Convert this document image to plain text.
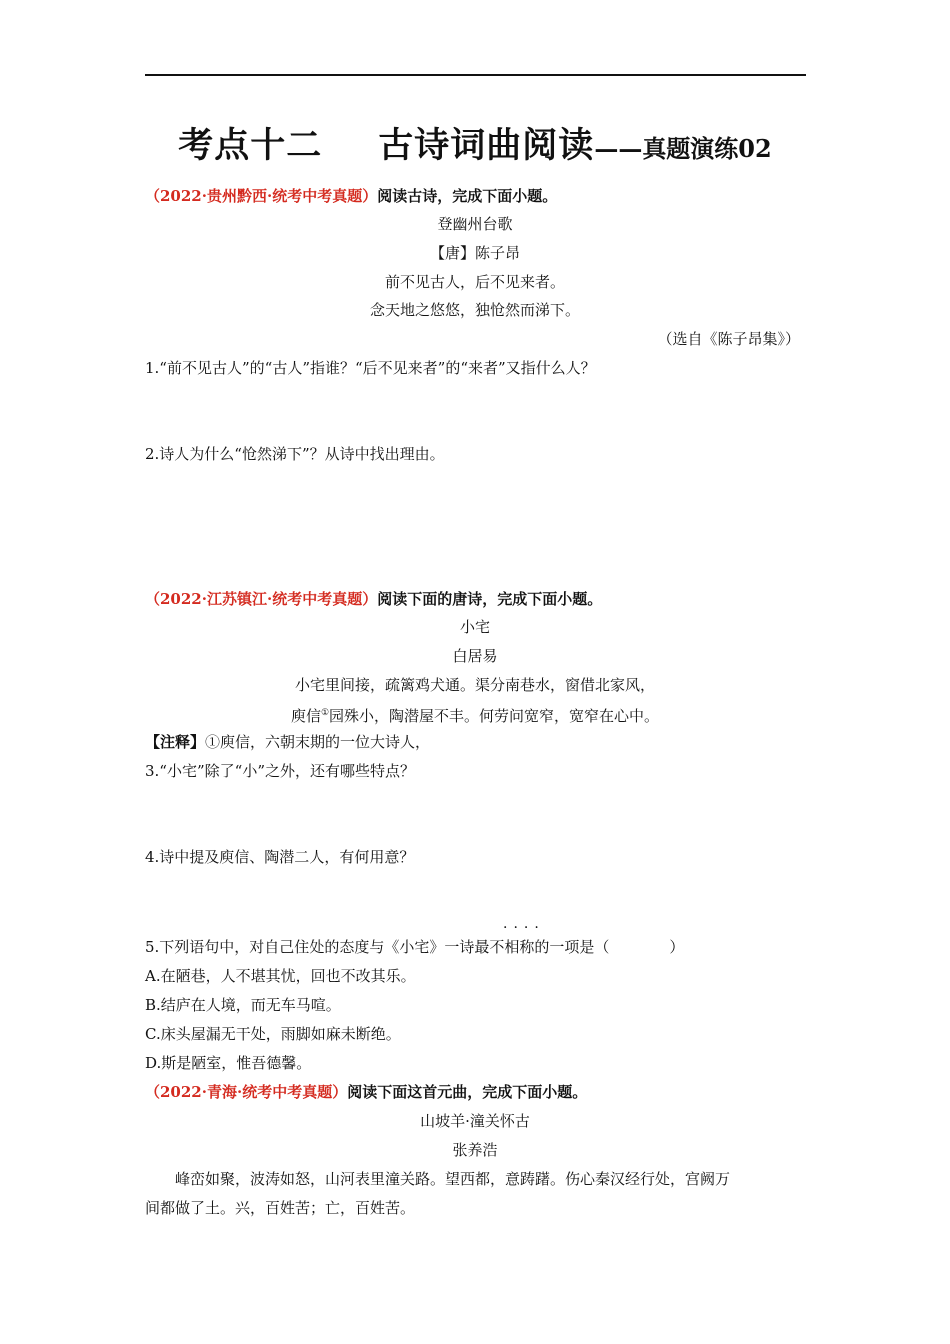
考点十二 古诗词曲阅读——真题演练02
（2022·贵州黔西·统考中考真题）阅读古诗，完成下面小题。
登幽州台歌
【唐】陈子昂
前不见古人，后不见来者。
念天地之悠悠，独怆然而涕下。
（选自《陈子昂集》）
1.“前不见古人”的“古人”指谁？“后不见来者”的“来者”又指什么人？
2.诗人为什么“怆然涕下”？从诗中找出理由。
（2022·江苏镇江·统考中考真题）阅读下面的唐诗，完成下面小题。
小宅
白居易
小宅里间接，疏篱鸡犬通。渠分南巷水，窗借北家风，
庾信①园殊小，陶潜屋不丰。何劳问宽窄，宽窄在心中。
【注释】①庾信，六朝末期的一位大诗人，
3.“小宅”除了“小”之外，还有哪些特点？
4.诗中提及庾信、陶潜二人，有何用意？
····
5.下列语句中，对自己住处的态度与《小宅》一诗最不相称的一项是（　　　　）
A.在陋巷，人不堪其忧，回也不改其乐。
B.结庐在人境，而无车马喧。
C.床头屋漏无干处，雨脚如麻未断绝。
D.斯是陋室，惟吾德馨。
（2022·青海·统考中考真题）阅读下面这首元曲，完成下面小题。
山坡羊·潼关怀古
张养浩
峰峦如聚，波涛如怒，山河表里潼关路。望西都，意踌躇。伤心秦汉经行处，宫阙万
间都做了土。兴，百姓苦；亡，百姓苦。
